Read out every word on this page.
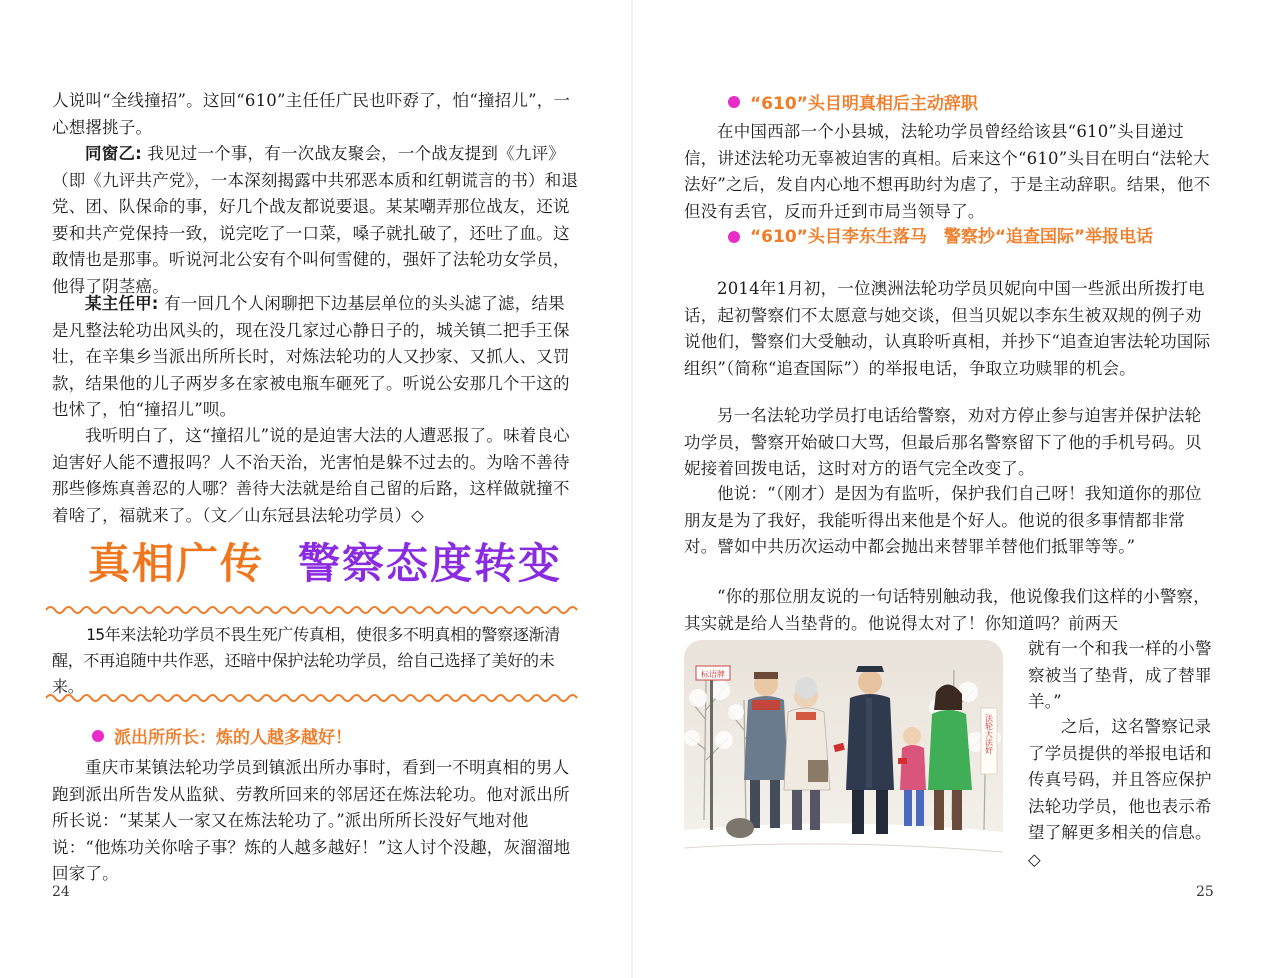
人说叫“全线撞招”。这回“610”主任任广民也吓孬了，怕“撞招儿”，一心想撂挑子。

同窗乙: 我见过一个事，有一次战友聚会，一个战友提到《九评》（即《九评共产党》，一本深刻揭露中共邪恶本质和红朝谎言的书）和退党、团、队保命的事，好几个战友都说要退。某某嘲弄那位战友，还说要和共产党保持一致，说完吃了一口菜，嗓子就扎破了，还吐了血。这敢情也是那事。听说河北公安有个叫何雪健的，强奸了法轮功女学员，他得了阴茎癌。

某主任甲: 有一回几个人闲聊把下边基层单位的头头滤了滤，结果是凡整法轮功出风头的，现在没几家过心静日子的，城关镇二把手王保壮，在辛集乡当派出所所长时，对炼法轮功的人又抄家、又抓人、又罚款，结果他的儿子两岁多在家被电瓶车砸死了。听说公安那几个干这的也怵了，怕“撞招儿”呗。

我听明白了，这“撞招儿”说的是迫害大法的人遭恶报了。味着良心迫害好人能不遭报吗？人不治天治，光害怕是躲不过去的。为啥不善待那些修炼真善忍的人哪？善待大法就是给自己留的后路，这样做就撞不着啥了，福就来了。（文／山东冠县法轮功学员）◇

真相广传 警察态度转变

15年来法轮功学员不畏生死广传真相，使很多不明真相的警察逐渐清醒，不再追随中共作恶，还暗中保护法轮功学员，给自己选择了美好的未来。

派出所所长：炼的人越多越好！

重庆市某镇法轮功学员到镇派出所办事时，看到一不明真相的男人跑到派出所告发从监狱、劳教所回来的邻居还在炼法轮功。他对派出所所长说：“某某人一家又在炼法轮功了。”派出所所长没好气地对他说：“他炼功关你啥子事？炼的人越多越好！”这人讨个没趣，灰溜溜地回家了。

24
“610”头目明真相后主动辞职

在中国西部一个小县城，法轮功学员曾经给该县“610”头目递过信，讲述法轮功无辜被迫害的真相。后来这个“610”头目在明白“法轮大法好”之后，发自内心地不想再助纣为虐了，于是主动辞职。结果，他不但没有丢官，反而升迁到市局当领导了。

“610”头目李东生落马　警察抄“追查国际”举报电话

2014年1月初，一位澳洲法轮功学员贝妮向中国一些派出所拨打电话，起初警察们不太愿意与她交谈，但当贝妮以李东生被双规的例子劝说他们，警察们大受触动，认真聆听真相，并抄下“追查迫害法轮功国际组织”（简称“追查国际”）的举报电话，争取立功赎罪的机会。

另一名法轮功学员打电话给警察，劝对方停止参与迫害并保护法轮功学员，警察开始破口大骂，但最后那名警察留下了他的手机号码。贝妮接着回拨电话，这时对方的语气完全改变了。

他说：“（刚才）是因为有监听，保护我们自己呀！我知道你的那位朋友是为了我好，我能听得出来他是个好人。他说的很多事情都非常对。譬如中共历次运动中都会抛出来替罪羊替他们抵罪等等。”

“你的那位朋友说的一句话特别触动我，他说像我们这样的小警察，其实就是给人当垫背的。他说得太对了！你知道吗？前两天

就有一个和我一样的小警察被当了垫背，成了替罪羊。”

之后，这名警察记录了学员提供的举报电话和传真号码，并且答应保护法轮功学员，他也表示希望了解更多相关的信息。◇

标语牌
法轮大法好
25
